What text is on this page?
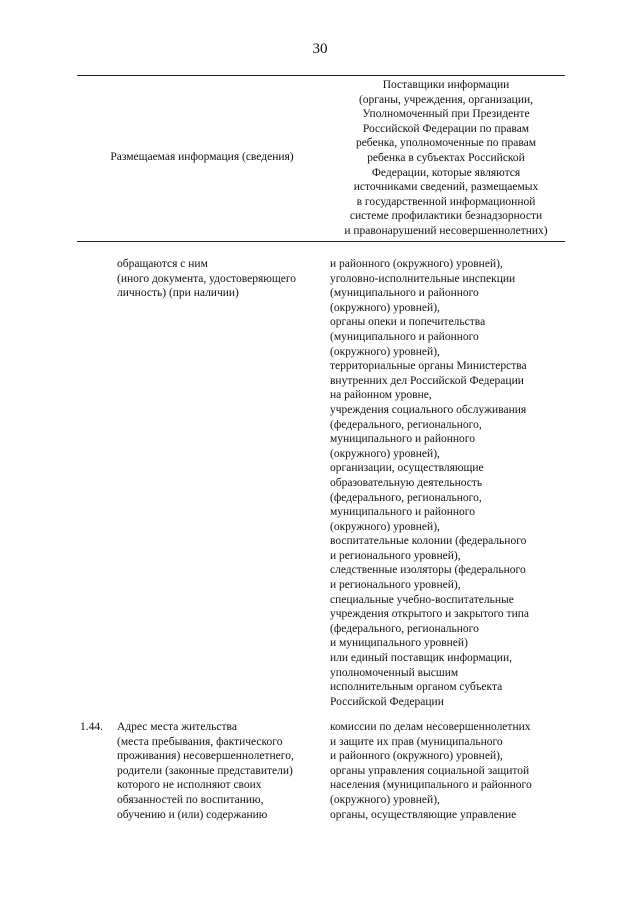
30
Размещаемая информация (сведения)
Поставщики информации
(органы, учреждения, организации,
Уполномоченный при Президенте
Российской Федерации по правам
ребенка, уполномоченные по правам
ребенка в субъектах Российской
Федерации, которые являются
источниками сведений, размещаемых
в государственной информационной
системе профилактики безнадзорности
и правонарушений несовершеннолетних)
обращаются с ним
(иного документа, удостоверяющего
личность) (при наличии)
и районного (окружного) уровней),
уголовно-исполнительные инспекции
(муниципального и районного
(окружного) уровней),
органы опеки и попечительства
(муниципального и районного
(окружного) уровней),
территориальные органы Министерства
внутренних дел Российской Федерации
на районном уровне,
учреждения социального обслуживания
(федерального, регионального,
муниципального и районного
(окружного) уровней),
организации, осуществляющие
образовательную деятельность
(федерального, регионального,
муниципального и районного
(окружного) уровней),
воспитательные колонии (федерального
и регионального уровней),
следственные изоляторы (федерального
и регионального уровней),
специальные учебно-воспитательные
учреждения открытого и закрытого типа
(федерального, регионального
и муниципального уровней)
или единый поставщик информации,
уполномоченный высшим
исполнительным органом субъекта
Российской Федерации
1.44.	Адрес места жительства
(места пребывания, фактического
проживания) несовершеннолетнего,
родители (законные представители)
которого не исполняют своих
обязанностей по воспитанию,
обучению и (или) содержанию
комиссии по делам несовершеннолетних
и защите их прав (муниципального
и районного (окружного) уровней),
органы управления социальной защитой
населения (муниципального и районного
(окружного) уровней),
органы, осуществляющие управление
